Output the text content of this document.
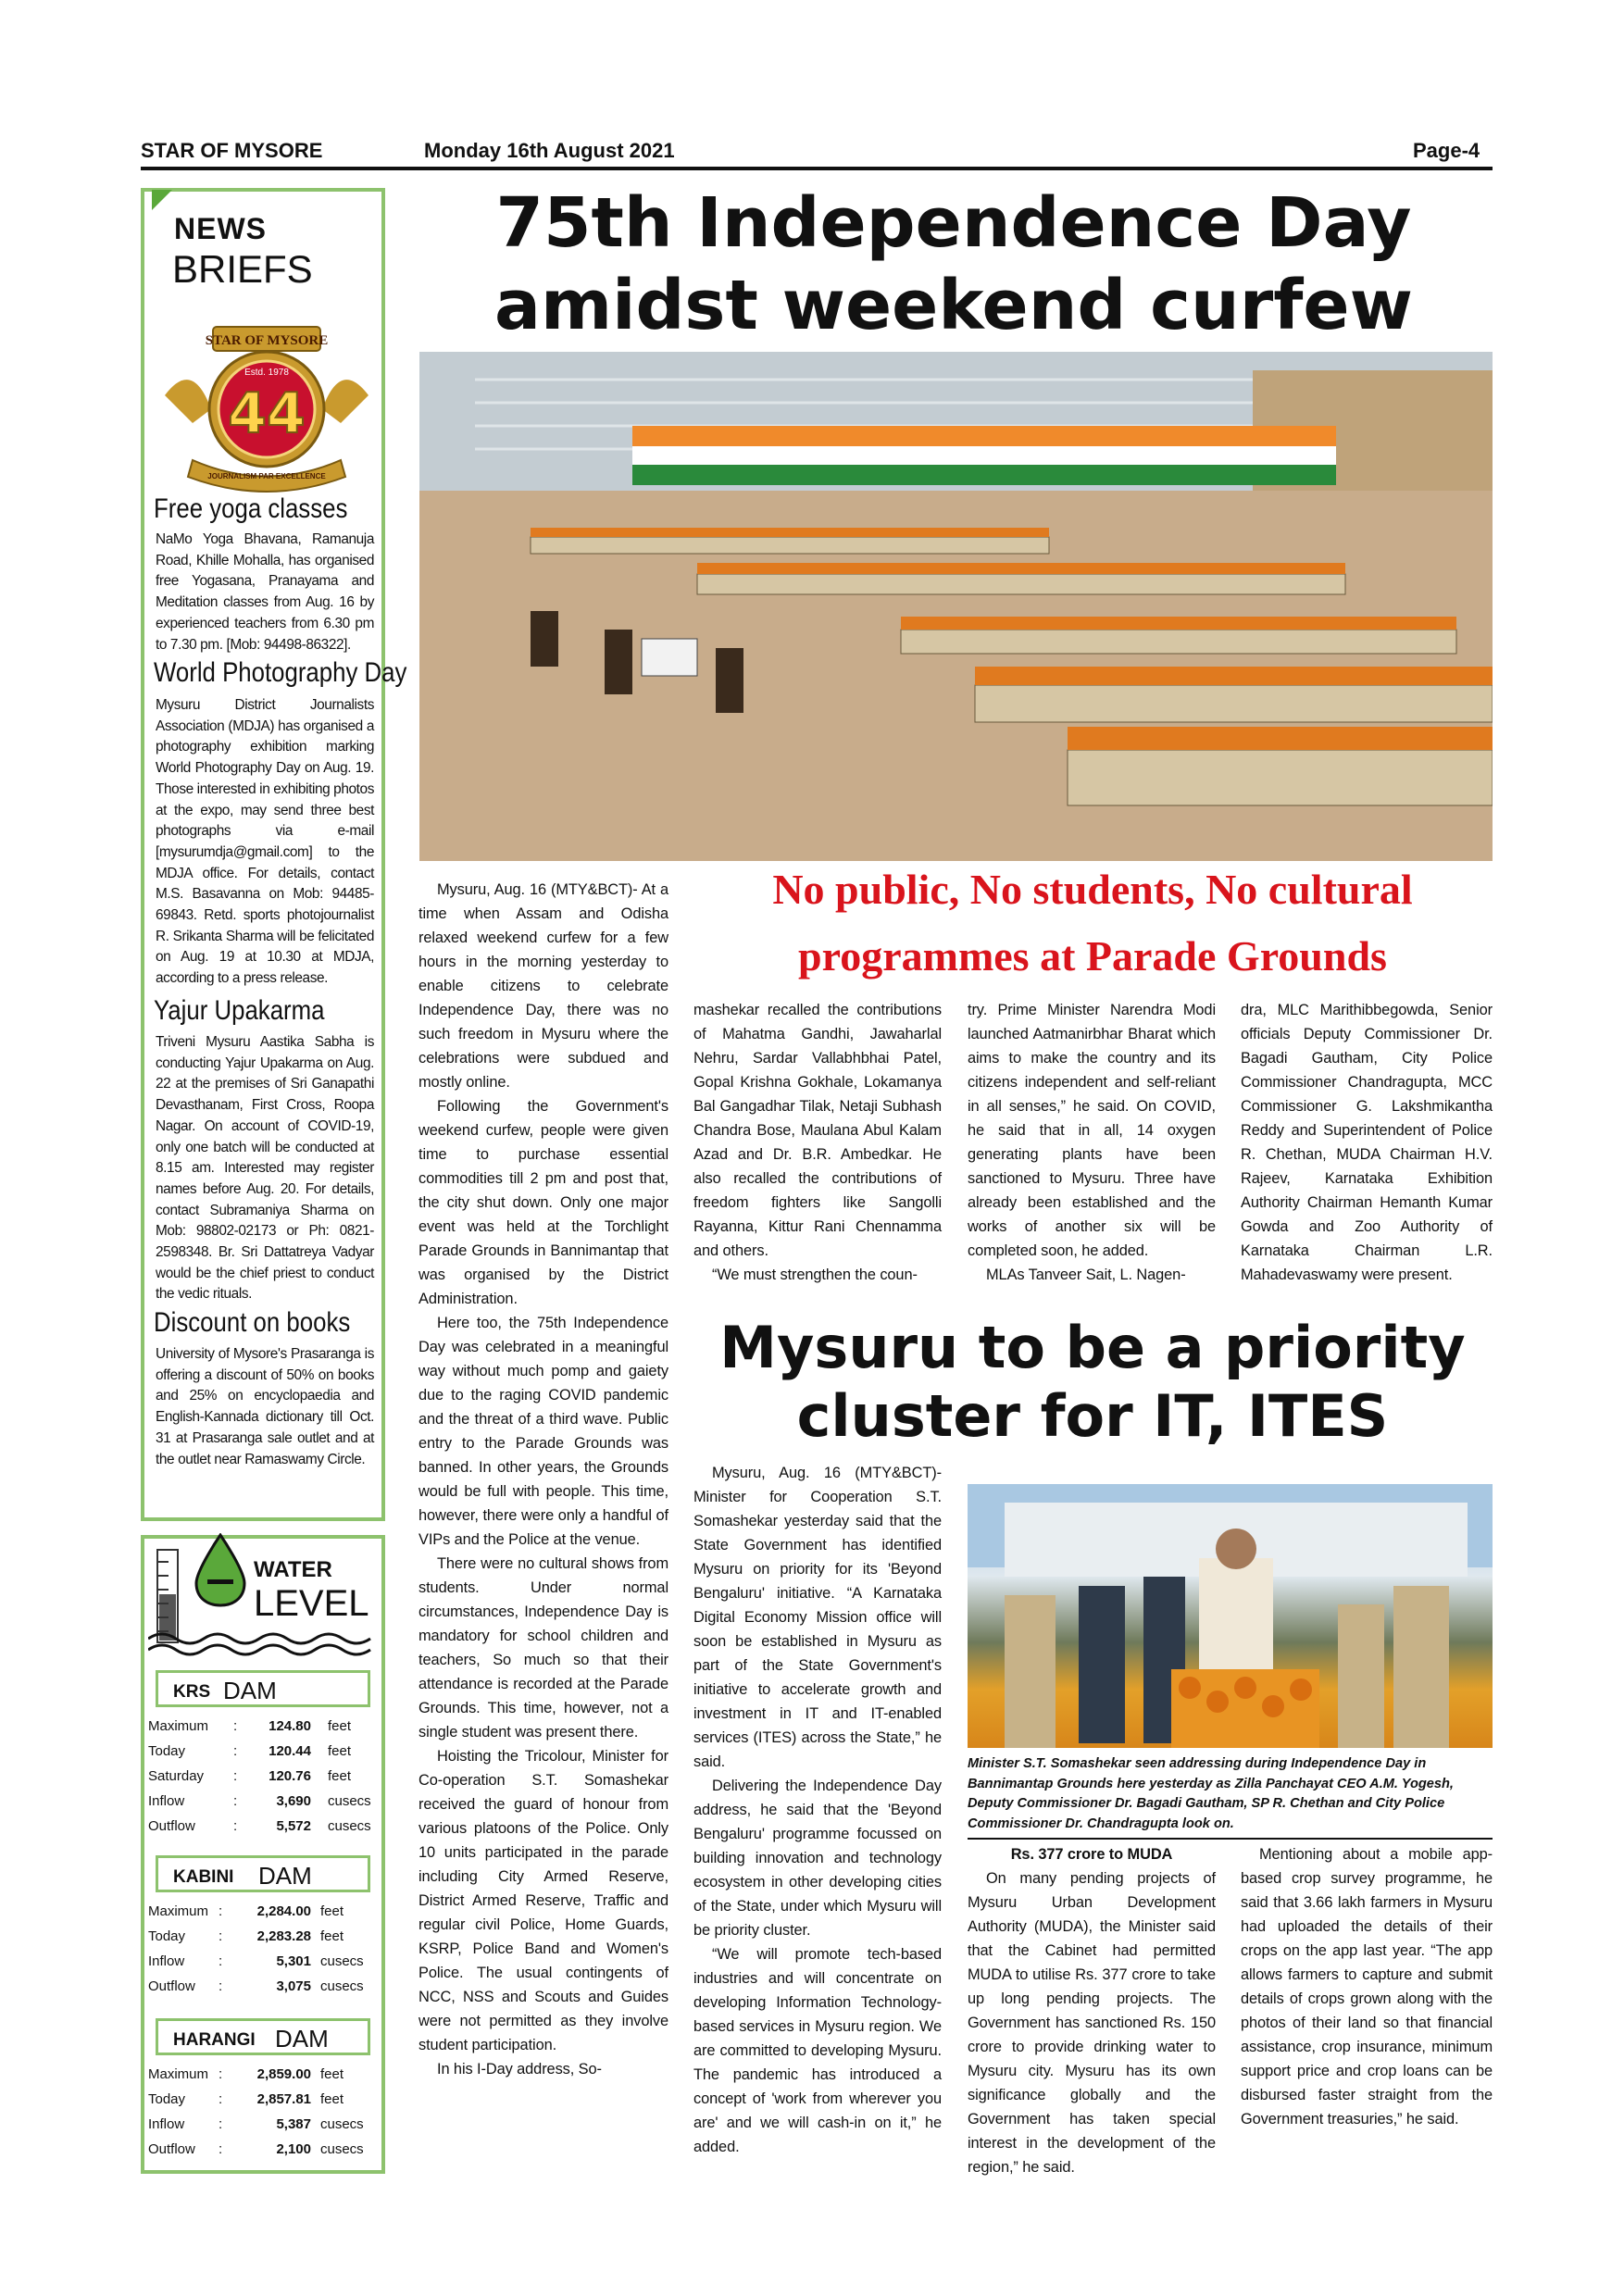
STAR OF MYSORE	Monday 16th August 2021	Page-4
NEWS
BRIEFS
STAR OF MYSORE
Estd. 1978
44
JOURNALISM PAR EXCELLENCE
Free yoga classes
NaMo Yoga Bhavana, Ramanuja Road, Khille Mohalla, has organised free Yogasana, Pranayama and Meditation classes from Aug. 16 by experienced teachers from 6.30 pm to 7.30 pm. [Mob: 94498-86322].
World Photography Day
Mysuru District Journalists Association (MDJA) has organised a photography exhibition marking World Photography Day on Aug. 19. Those interested in exhibiting photos at the expo, may send three best photographs via e-mail [mysurumdja@gmail.com] to the MDJA office. For details, contact M.S. Basavanna on Mob: 94485-69843. Retd. sports photojournalist R. Srikanta Sharma will be felicitated on Aug. 19 at 10.30 at MDJA, according to a press release.
Yajur Upakarma
Triveni Mysuru Aastika Sabha is conducting Yajur Upakarma on Aug. 22 at the premises of Sri Ganapathi Devasthanam, First Cross, Roopa Nagar. On account of COVID-19, only one batch will be conducted at 8.15 am. Interested may register names before Aug. 20. For details, contact Subramaniya Sharma on Mob: 98802-02173 or Ph: 0821-2598348. Br. Sri Dattatreya Vadyar would be the chief priest to conduct the vedic rituals.
Discount on books
University of Mysore's Prasaranga is offering a discount of 50% on books and 25% on encyclopaedia and English-Kannada dictionary till Oct. 31 at Prasaranga sale outlet and at the outlet near Ramaswamy Circle.
WATER
LEVEL
KRS DAM
Maximum :	124.80 feet
Today	:	120.44 feet
Saturday :	120.76 feet
Inflow	:	3,690 cusecs
Outflow	:	5,572 cusecs
KABINI DAM
Maximum :	2,284.00 feet
Today :	2,283.28 feet
Inflow :	5,301 cusecs
Outflow :	3,075 cusecs
HARANGI DAM
Maximum :	2,859.00 feet
Today :	2,857.81 feet
Inflow :	5,387 cusecs
Outflow :	2,100 cusecs
75th Independence Day
amidst weekend curfew
No public, No students, No cultural
programmes at Parade Grounds
Mysuru, Aug. 16 (MTY&BCT)- At a time when Assam and Odisha relaxed weekend curfew for a few hours in the morning yesterday to enable citizens to celebrate Independence Day, there was no such freedom in Mysuru where the celebrations were subdued and mostly online.
Following the Government's weekend curfew, people were given time to purchase essential commodities till 2 pm and post that, the city shut down. Only one major event was held at the Torchlight Parade Grounds in Bannimantap that was organised by the District Administration.
Here too, the 75th Independence Day was celebrated in a meaningful way without much pomp and gaiety due to the raging COVID pandemic and the threat of a third wave. Public entry to the Parade Grounds was banned. In other years, the Grounds would be full with people. This time, however, there were only a handful of VIPs and the Police at the venue.
There were no cultural shows from students. Under normal circumstances, Independence Day is mandatory for school children and teachers, So much so that their attendance is recorded at the Parade Grounds. This time, however, not a single student was present there.
Hoisting the Tricolour, Minister for Co-operation S.T. Somashekar received the guard of honour from various platoons of the Police. Only 10 units participated in the parade including City Armed Reserve, District Armed Reserve, Traffic and regular civil Police, Home Guards, KSRP, Police Band and Women's Police. The usual contingents of NCC, NSS and Scouts and Guides were not permitted as they involve student participation.
In his I-Day address, So-
mashekar recalled the contributions of Mahatma Gandhi, Jawaharlal Nehru, Sardar Vallabhbhai Patel, Gopal Krishna Gokhale, Lokamanya Bal Gangadhar Tilak, Netaji Subhash Chandra Bose, Maulana Abul Kalam Azad and Dr. B.R. Ambedkar. He also recalled the contributions of freedom fighters like Sangolli Rayanna, Kittur Rani Chennamma and others.
“We must strengthen the coun-
try. Prime Minister Narendra Modi launched Aatmanirbhar Bharat which aims to make the country and its citizens independent and self-reliant in all senses,” he said. On COVID, he said that in all, 14 oxygen generating plants have been sanctioned to Mysuru. Three have already been established and the works of another six will be completed soon, he added.
MLAs Tanveer Sait, L. Nagen-
dra, MLC Marithibbegowda, Senior officials Deputy Commissioner Dr. Bagadi Gautham, City Police Commissioner Chandragupta, MCC Commissioner G. Lakshmikantha Reddy and Superintendent of Police R. Chethan, MUDA Chairman H.V. Rajeev, Karnataka Exhibition Authority Chairman Hemanth Kumar Gowda and Zoo Authority of Karnataka Chairman L.R. Mahadevaswamy were present.
Mysuru to be a priority
cluster for IT, ITES
Mysuru, Aug. 16 (MTY&BCT)- Minister for Cooperation S.T. Somashekar yesterday said that the State Government has identified Mysuru on priority for its 'Beyond Bengaluru' initiative. “A Karnataka Digital Economy Mission office will soon be established in Mysuru as part of the State Government's initiative to accelerate growth and investment in IT and IT-enabled services (ITES) across the State,” he said.
Delivering the Independence Day address, he said that the 'Beyond Bengaluru' programme focussed on building innovation and technology ecosystem in other developing cities of the State, under which Mysuru will be priority cluster.
“We will promote tech-based industries and will concentrate on developing Information Technology-based services in Mysuru region. We are committed to developing Mysuru. The pandemic has introduced a concept of 'work from wherever you are' and we will cash-in on it,” he added.
Minister S.T. Somashekar seen addressing during Independence Day in Bannimantap Grounds here yesterday as Zilla Panchayat CEO A.M. Yogesh, Deputy Commissioner Dr. Bagadi Gautham, SP R. Chethan and City Police Commissioner Dr. Chandragupta look on.
Rs. 377 crore to MUDA
On many pending projects of Mysuru Urban Development Authority (MUDA), the Minister said that the Cabinet had permitted MUDA to utilise Rs. 377 crore to take up long pending projects. The Government has sanctioned Rs. 150 crore to provide drinking water to Mysuru city. Mysuru has its own significance globally and the Government has taken special interest in the development of the region,” he said.
Mentioning about a mobile app-based crop survey programme, he said that 3.66 lakh farmers in Mysuru had uploaded the details of their crops on the app last year. “The app allows farmers to capture and submit details of crops grown along with the photos of their land so that financial assistance, crop insurance, minimum support price and crop loans can be disbursed faster straight from the Government treasuries,” he said.
